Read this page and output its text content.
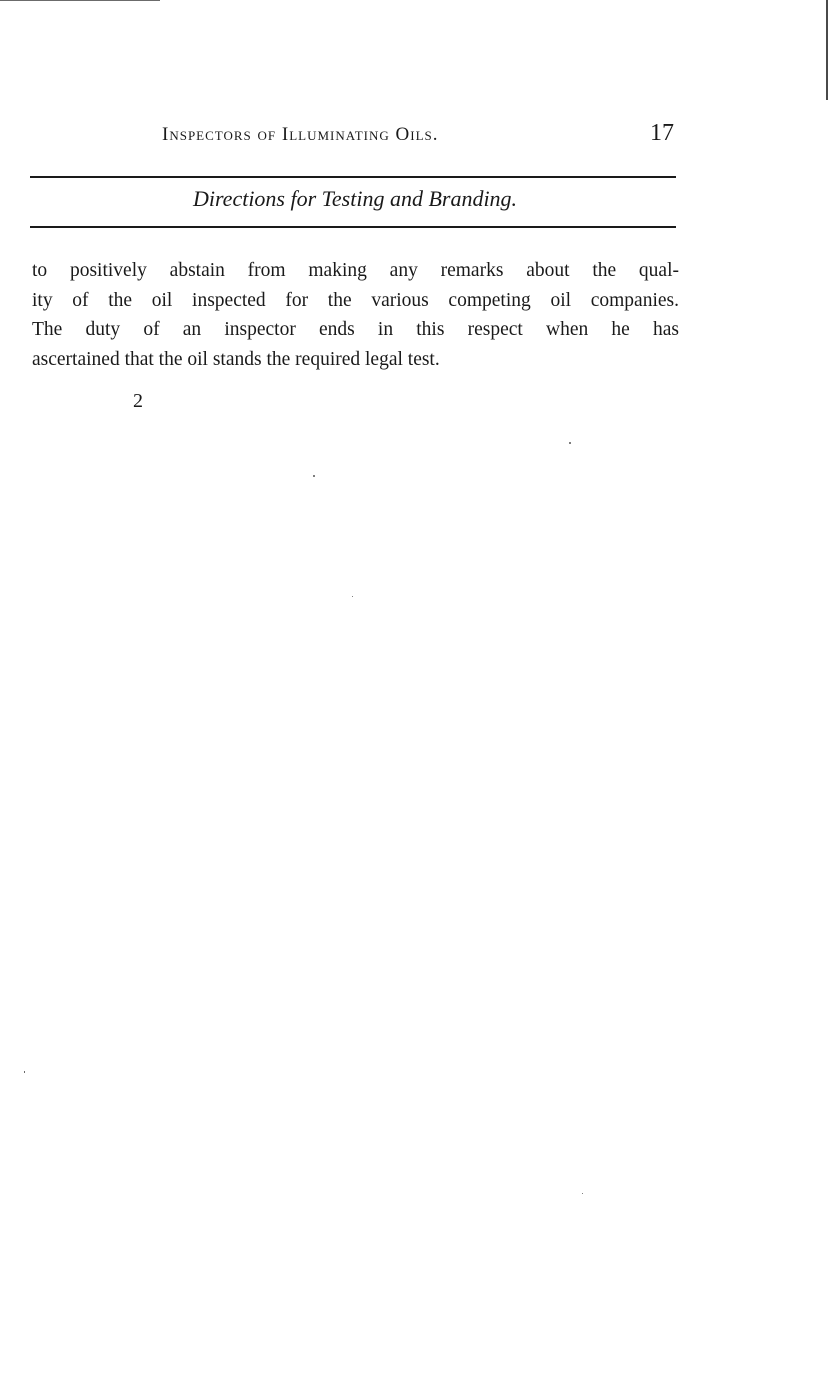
Inspectors of Illuminating Oils.	17
Directions for Testing and Branding.
to positively abstain from making any remarks about the qual-
ity of the oil inspected for the various competing oil companies.
The duty of an inspector ends in this respect when he has
ascertained that the oil stands the required legal test.
2
